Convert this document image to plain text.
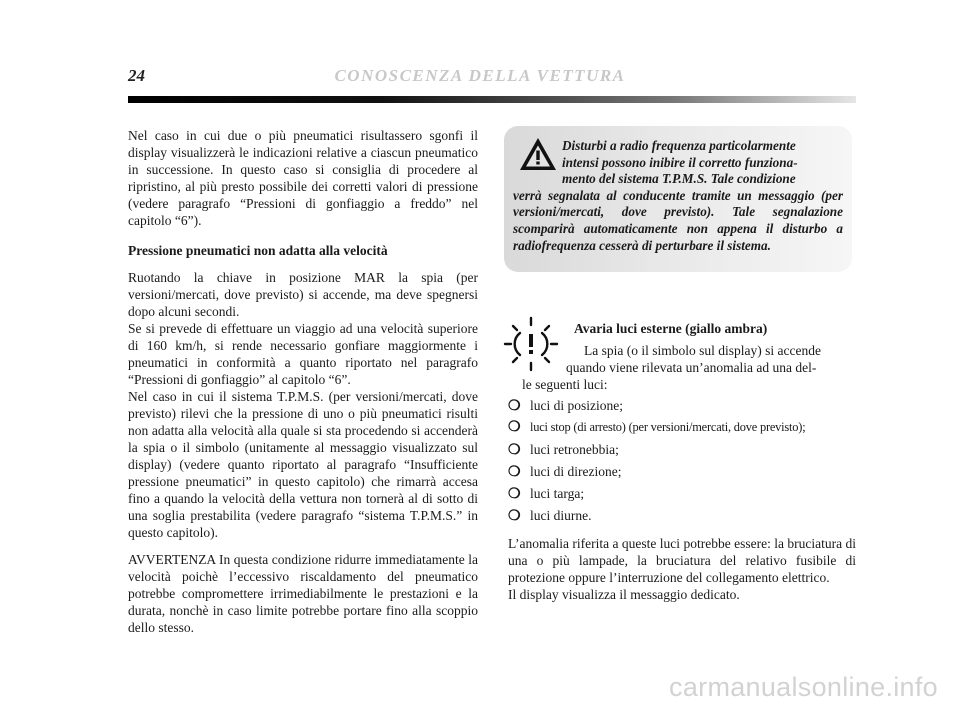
24	CONOSCENZA DELLA VETTURA

Nel caso in cui due o più pneumatici risultassero sgonfi il display visualizzerà le indicazioni relative a ciascun pneumatico in successione. In questo caso si consiglia di procedere al ripristino, al più presto possibile dei corretti valori di pressione (vedere paragrafo “Pressioni di gonfiaggio a freddo” nel capitolo “6”).

Pressione pneumatici non adatta alla velocità

Ruotando la chiave in posizione MAR la spia (per versioni/mercati, dove previsto) si accende, ma deve spegnersi dopo alcuni secondi.

Se si prevede di effettuare un viaggio ad una velocità superiore di 160 km/h, si rende necessario gonfiare maggiormente i pneumatici in conformità a quanto riportato nel paragrafo “Pressioni di gonfiaggio” al capitolo “6”.

Nel caso in cui il sistema T.P.M.S. (per versioni/mercati, dove previsto) rilevi che la pressione di uno o più pneumatici risulti non adatta alla velocità alla quale si sta procedendo si accenderà la spia o il simbolo (unitamente al messaggio visualizzato sul display) (vedere quanto riportato al paragrafo “Insufficiente pressione pneumatici” in questo capitolo) che rimarrà accesa fino a quando la velocità della vettura non tornerà al di sotto di una soglia prestabilita (vedere paragrafo “sistema T.P.M.S.” in questo capitolo).

AVVERTENZA In questa condizione ridurre immediatamente la velocità poichè l’eccessivo riscaldamento del pneumatico potrebbe compromettere irrimediabilmente le prestazioni e la durata, nonchè in caso limite potrebbe portare fino alla scoppio dello stesso.

Disturbi a radio frequenza particolarmente
intensi possono inibire il corretto funziona-
mento del sistema T.P.M.S. Tale condizione
verrà segnalata al conducente tramite un messaggio (per versioni/mercati, dove previsto). Tale segnalazione scomparirà automaticamente non appena il disturbo a radiofrequenza cesserà di perturbare il sistema.

Avaria luci esterne (giallo ambra)

La spia (o il simbolo sul display) si accende
quando viene rilevata un’anomalia ad una del-
le seguenti luci:

❍ luci di posizione;
❍ luci stop (di arresto) (per versioni/mercati, dove previsto);
❍ luci retronebbia;
❍ luci di direzione;
❍ luci targa;
❍ luci diurne.

L’anomalia riferita a queste luci potrebbe essere: la bruciatura di una o più lampade, la bruciatura del relativo fusibile di protezione oppure l’interruzione del collegamento elettrico.

Il display visualizza il messaggio dedicato.

carmanualsonline.info
